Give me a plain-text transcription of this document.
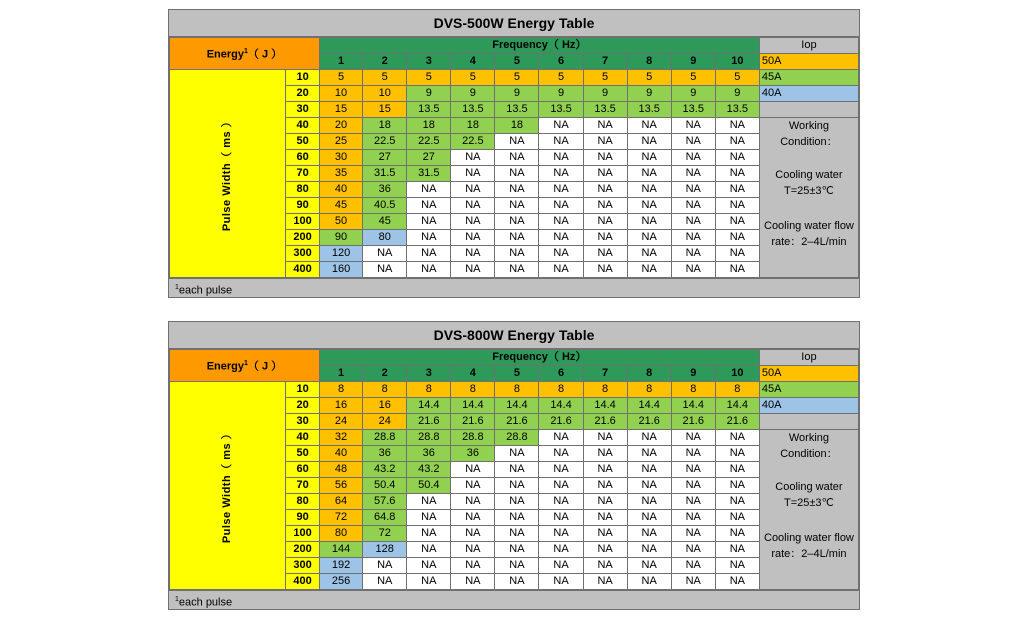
DVS-500W Energy Table
Energy$^1$（ J ）		Frequency（ Hz）										Iop
		1	2	3	4	5	6	7	8	9	10	50A
Pulse Width（ ms ）	10	5	5	5	5	5	5	5	5	5	5	45A
	20	10	10	9	9	9	9	9	9	9	9	40A
	30	15	15	13.5	13.5	13.5	13.5	13.5	13.5	13.5	13.5	
	40	20	18	18	18	18	NA	NA	NA	NA	NA	Working Condition：
Cooling water
T=25±3℃
Cooling water flow
rate：2–4L/min

	50	25	22.5	22.5	22.5	NA	NA	NA	NA	NA	NA	
	60	30	27	27	NA	NA	NA	NA	NA	NA	NA	
	70	35	31.5	31.5	NA	NA	NA	NA	NA	NA	NA	
	80	40	36	NA	NA	NA	NA	NA	NA	NA	NA	
	90	45	40.5	NA	NA	NA	NA	NA	NA	NA	NA	
	100	50	45	NA	NA	NA	NA	NA	NA	NA	NA	
	200	90	80	NA	NA	NA	NA	NA	NA	NA	NA	
	300	120	NA	NA	NA	NA	NA	NA	NA	NA	NA	
	400	160	NA	NA	NA	NA	NA	NA	NA	NA	NA	
$^1$each pulse
DVS-800W Energy Table
Energy$^1$（ J ）		Frequency（ Hz）										Iop
		1	2	3	4	5	6	7	8	9	10	50A
Pulse Width（ ms ）	10	8	8	8	8	8	8	8	8	8	8	45A
	20	16	16	14.4	14.4	14.4	14.4	14.4	14.4	14.4	14.4	40A
	30	24	24	21.6	21.6	21.6	21.6	21.6	21.6	21.6	21.6	
	40	32	28.8	28.8	28.8	28.8	NA	NA	NA	NA	NA	Working Condition：
Cooling water
T=25±3℃
Cooling water flow
rate：2–4L/min

	50	40	36	36	36	NA	NA	NA	NA	NA	NA	
	60	48	43.2	43.2	NA	NA	NA	NA	NA	NA	NA	
	70	56	50.4	50.4	NA	NA	NA	NA	NA	NA	NA	
	80	64	57.6	NA	NA	NA	NA	NA	NA	NA	NA	
	90	72	64.8	NA	NA	NA	NA	NA	NA	NA	NA	
	100	80	72	NA	NA	NA	NA	NA	NA	NA	NA	
	200	144	128	NA	NA	NA	NA	NA	NA	NA	NA	
	300	192	NA	NA	NA	NA	NA	NA	NA	NA	NA	
	400	256	NA	NA	NA	NA	NA	NA	NA	NA	NA	
$^1$each pulse
